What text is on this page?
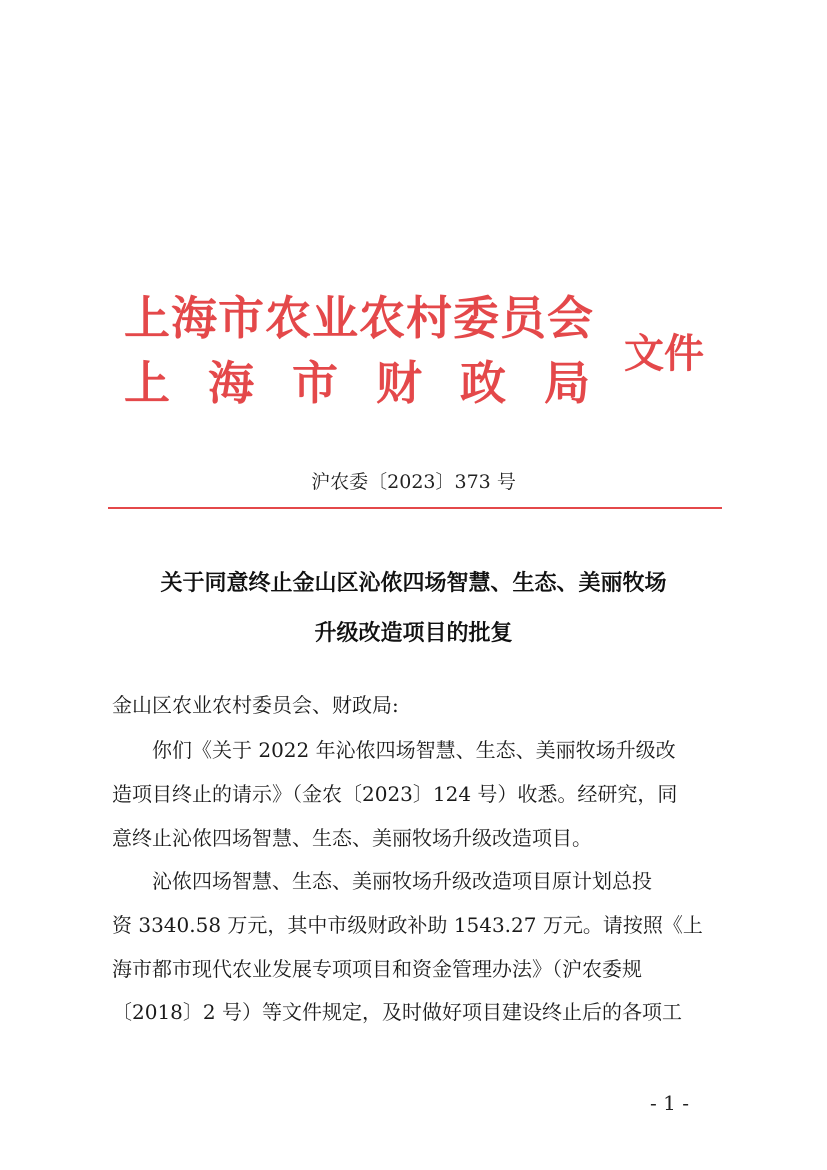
上海市农业农村委员会
上海市财政局
文件
沪农委〔2023〕373 号
关于同意终止金山区沁侬四场智慧、生态、美丽牧场
升级改造项目的批复
金山区农业农村委员会、财政局:
你们《关于 2022 年沁侬四场智慧、生态、美丽牧场升级改
造项目终止的请示》（金农〔2023〕124 号）收悉。经研究，同
意终止沁侬四场智慧、生态、美丽牧场升级改造项目。
沁侬四场智慧、生态、美丽牧场升级改造项目原计划总投
资 3340.58 万元，其中市级财政补助 1543.27 万元。请按照《上
海市都市现代农业发展专项项目和资金管理办法》（沪农委规
〔2018〕2 号）等文件规定，及时做好项目建设终止后的各项工
- 1 -
